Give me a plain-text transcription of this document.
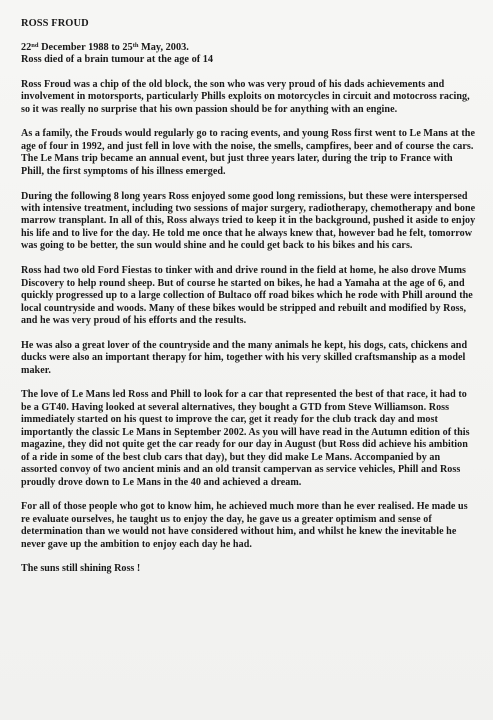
ROSS FROUD

22nd December 1988 to 25th May, 2003.

Ross died of a brain tumour at the age of 14

Ross Froud was a chip of the old block, the son who was very proud of his dads achievements and involvement in motorsports, particularly Phills exploits on motorcycles in circuit and motocross racing, so it was really no surprise that his own passion should be for anything with an engine.

As a family, the Frouds would regularly go to racing events, and young Ross first went to Le Mans at the age of four in 1992, and just fell in love with the noise, the smells, campfires, beer and of course the cars. The Le Mans trip became an annual event, but just three years later, during the trip to France with Phill, the first symptoms of his illness emerged.

During the following 8 long years Ross enjoyed some good long remissions, but these were interspersed with intensive treatment, including two sessions of major surgery, radiotherapy, chemotherapy and bone marrow transplant. In all of this, Ross always tried to keep it in the background, pushed it aside to enjoy his life and to live for the day. He told me once that he always knew that, however bad he felt, tomorrow was going to be better, the sun would shine and he could get back to his bikes and his cars.

Ross had two old Ford Fiestas to tinker with and drive round in the field at home, he also drove Mums Discovery to help round sheep. But of course he started on bikes, he had a Yamaha at the age of 6, and quickly progressed up to a large collection of Bultaco off road bikes which he rode with Phill around the local countryside and woods. Many of these bikes would be stripped and rebuilt and modified by Ross, and he was very proud of his efforts and the results.

He was also a great lover of the countryside and the many animals he kept, his dogs, cats, chickens and ducks were also an important therapy for him, together with his very skilled craftsmanship as a model maker.

The love of Le Mans led Ross and Phill to look for a car that represented the best of that race, it had to be a GT40. Having looked at several alternatives, they bought a GTD from Steve Williamson. Ross immediately started on his quest to improve the car, get it ready for the club track day and most importantly the classic Le Mans in September 2002. As you will have read in the Autumn edition of this magazine, they did not quite get the car ready for our day in August (but Ross did achieve his ambition of a ride in some of the best club cars that day), but they did make Le Mans. Accompanied by an assorted convoy of two ancient minis and an old transit campervan as service vehicles, Phill and Ross proudly drove down to Le Mans in the 40 and achieved a dream.

For all of those people who got to know him, he achieved much more than he ever realised. He made us re evaluate ourselves, he taught us to enjoy the day, he gave us a greater optimism and sense of determination than we would not have considered without him, and whilst he knew the inevitable he never gave up the ambition to enjoy each day he had.

The suns still shining Ross !
